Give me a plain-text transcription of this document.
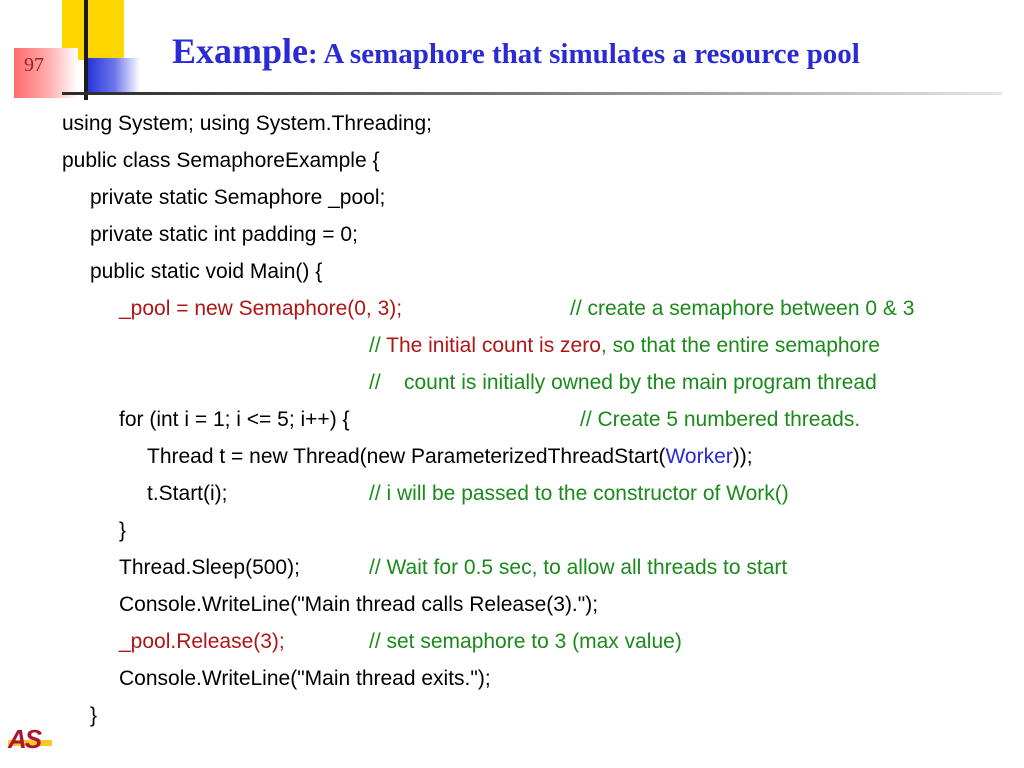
97	Example: A semaphore that simulates a resource pool
using System; using System.Threading;
public class SemaphoreExample {
private static Semaphore _pool;
private static int padding = 0;
public static void Main() {
_pool = new Semaphore(0, 3);	// create a semaphore between 0 & 3
// The initial count is zero, so that the entire semaphore
//    count is initially owned by the main program thread
for (int i = 1; i <= 5; i++) {	// Create 5 numbered threads.
Thread t = new Thread(new ParameterizedThreadStart(Worker));
t.Start(i);	// i will be passed to the constructor of Work()
}
Thread.Sleep(500);	// Wait for 0.5 sec, to allow all threads to start
Console.WriteLine("Main thread calls Release(3).");
_pool.Release(3);	// set semaphore to 3 (max value)
Console.WriteLine("Main thread exits.");
}
AS
